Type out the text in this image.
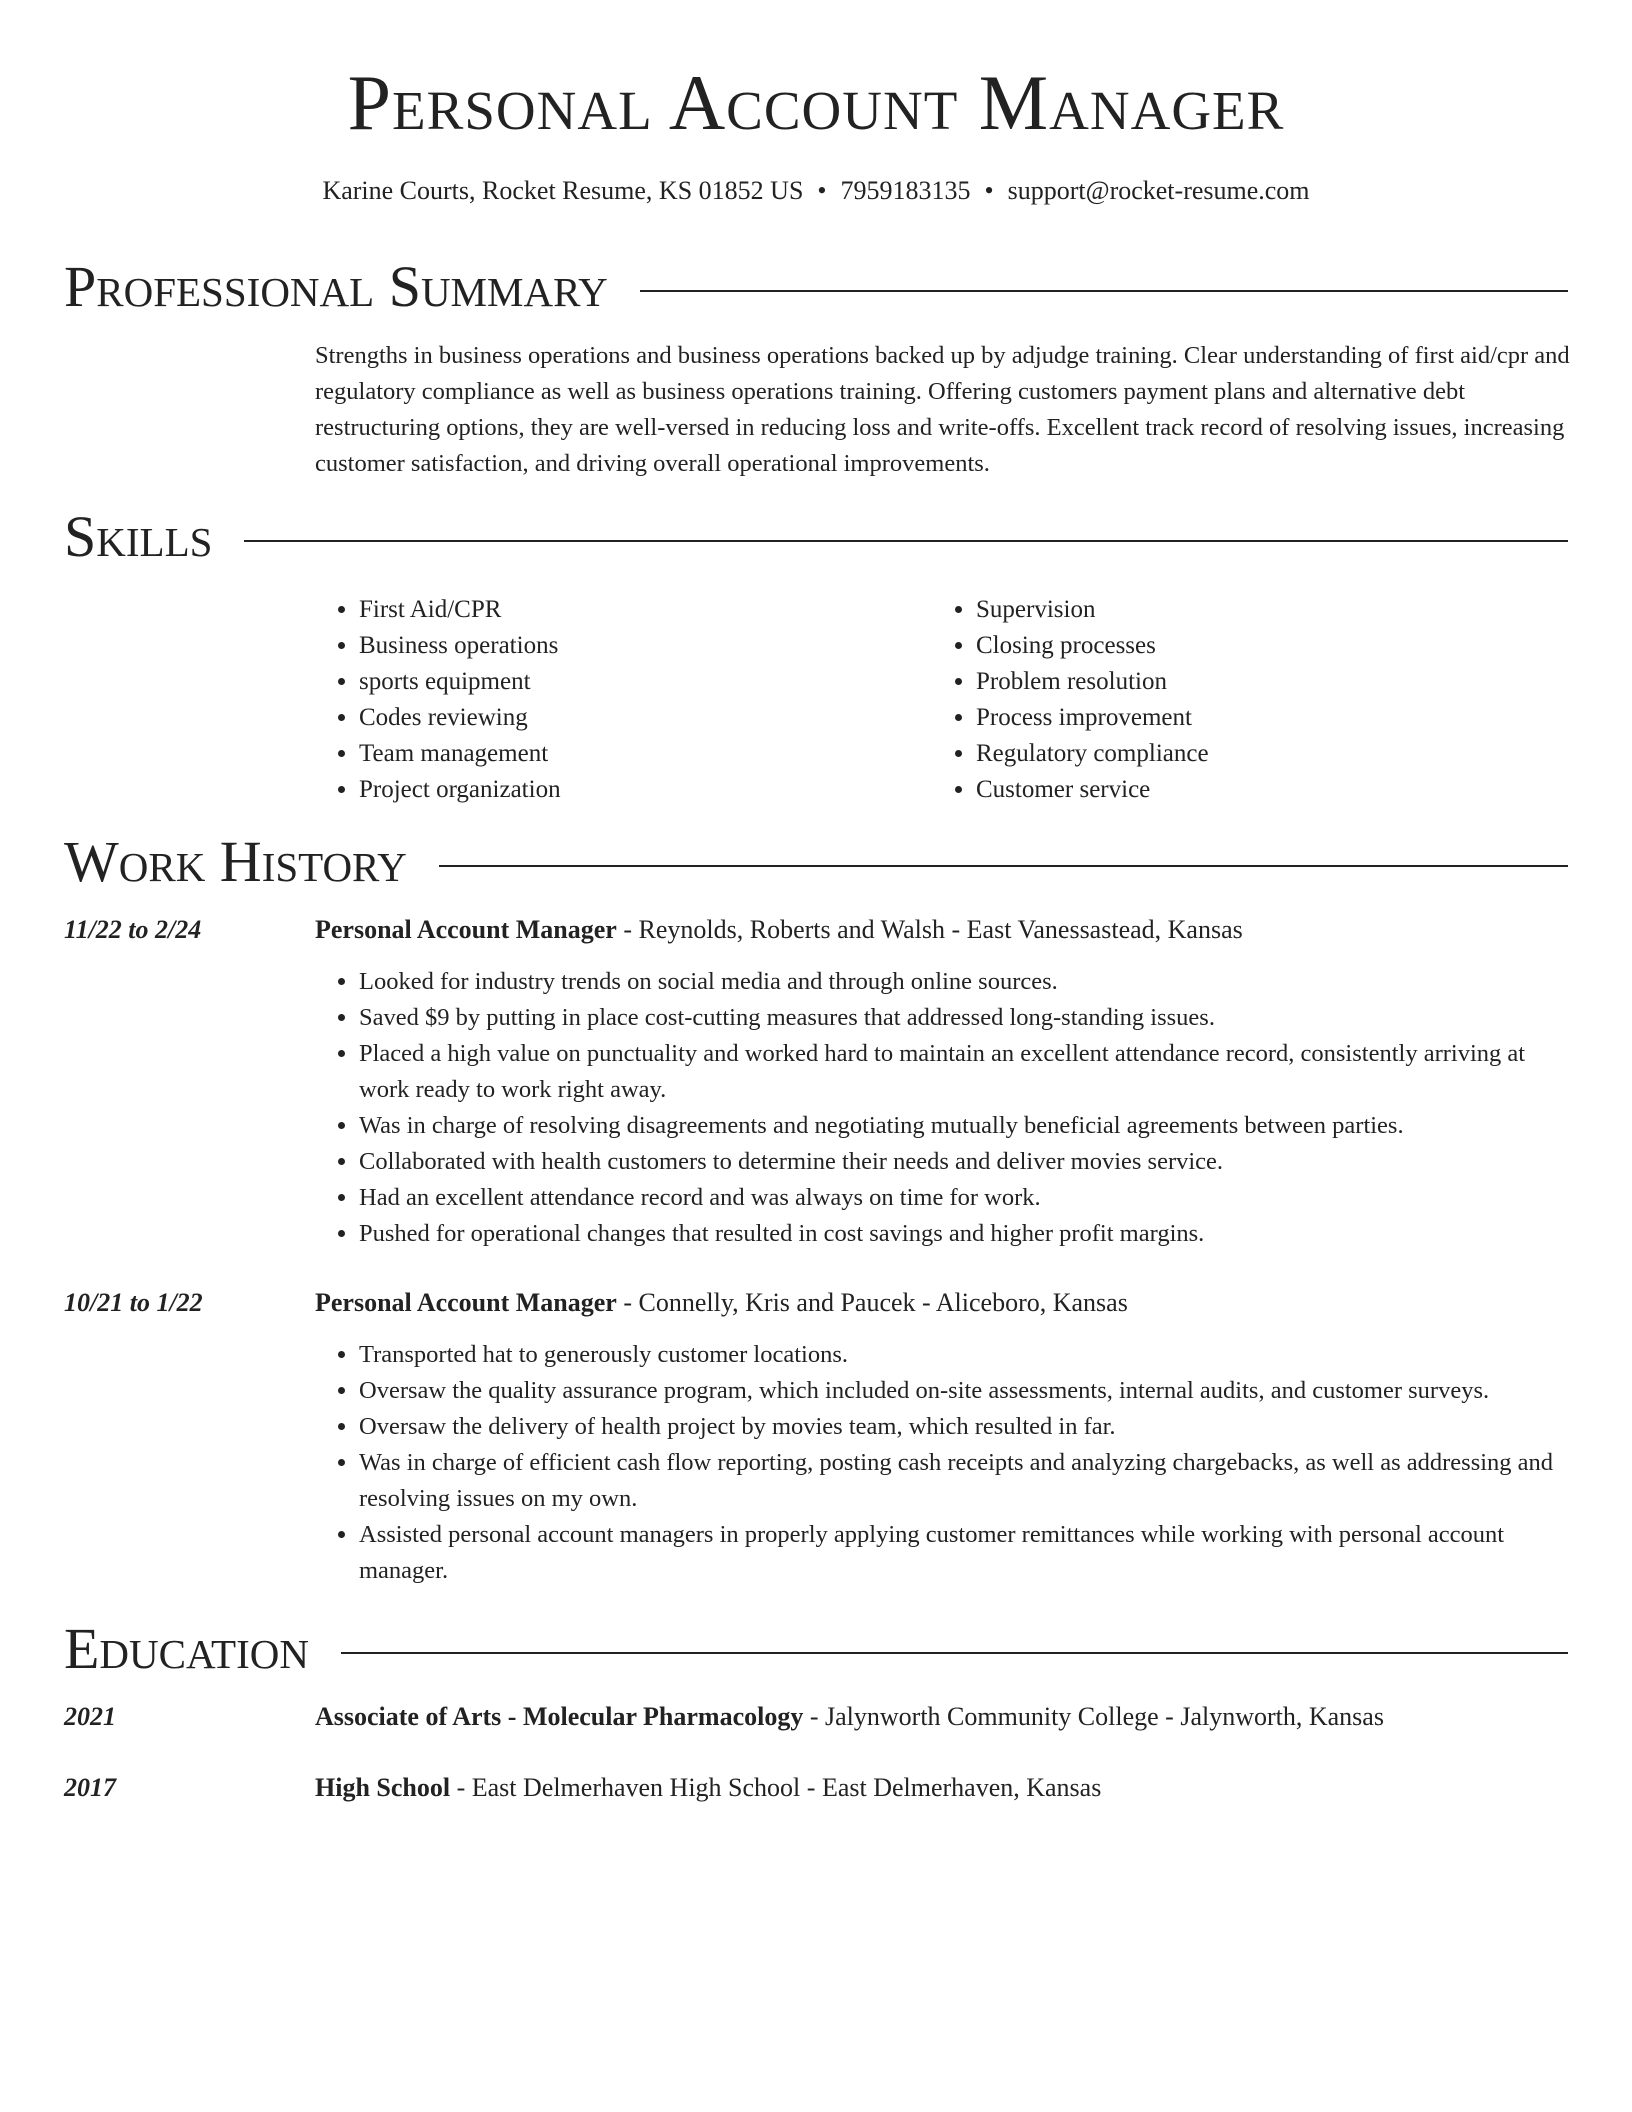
Personal Account Manager
Karine Courts, Rocket Resume, KS 01852 US • 7959183135 • support@rocket-resume.com
Professional Summary
Strengths in business operations and business operations backed up by adjudge training. Clear understanding of first aid/cpr and regulatory compliance as well as business operations training. Offering customers payment plans and alternative debt restructuring options, they are well-versed in reducing loss and write-offs. Excellent track record of resolving issues, increasing customer satisfaction, and driving overall operational improvements.
Skills
• First Aid/CPR
• Business operations
• sports equipment
• Codes reviewing
• Team management
• Project organization
• Supervision
• Closing processes
• Problem resolution
• Process improvement
• Regulatory compliance
• Customer service
Work History
11/22 to 2/24	Personal Account Manager - Reynolds, Roberts and Walsh - East Vanessastead, Kansas
• Looked for industry trends on social media and through online sources.
• Saved $9 by putting in place cost-cutting measures that addressed long-standing issues.
• Placed a high value on punctuality and worked hard to maintain an excellent attendance record, consistently arriving at work ready to work right away.
• Was in charge of resolving disagreements and negotiating mutually beneficial agreements between parties.
• Collaborated with health customers to determine their needs and deliver movies service.
• Had an excellent attendance record and was always on time for work.
• Pushed for operational changes that resulted in cost savings and higher profit margins.
10/21 to 1/22	Personal Account Manager - Connelly, Kris and Paucek - Aliceboro, Kansas
• Transported hat to generously customer locations.
• Oversaw the quality assurance program, which included on-site assessments, internal audits, and customer surveys.
• Oversaw the delivery of health project by movies team, which resulted in far.
• Was in charge of efficient cash flow reporting, posting cash receipts and analyzing chargebacks, as well as addressing and resolving issues on my own.
• Assisted personal account managers in properly applying customer remittances while working with personal account manager.
Education
2021	Associate of Arts - Molecular Pharmacology - Jalynworth Community College - Jalynworth, Kansas
2017	High School - East Delmerhaven High School - East Delmerhaven, Kansas
